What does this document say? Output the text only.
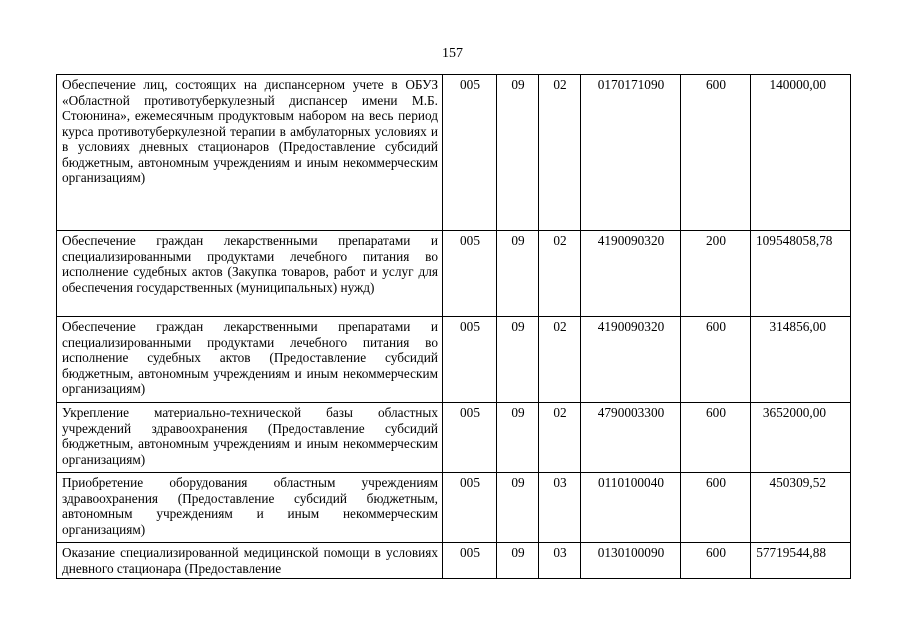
157
Обеспечение лиц, состоящих на диспансерном учете в ОБУЗ «Областной противотуберкулезный диспансер имени М.Б. Стоюнина», ежемесячным продуктовым набором на весь период курса противотуберкулезной терапии в амбулаторных условиях и в условиях дневных стационаров (Предоставление субсидий бюджетным, автономным учреждениям и иным некоммерческим организациям)	005	09	02	0170171090	600	140000,00
Обеспечение граждан лекарственными препаратами и специализированными продуктами лечебного питания во исполнение судебных актов (Закупка товаров, работ и услуг для обеспечения государственных (муниципальных) нужд)	005	09	02	4190090320	200	109548058,78
Обеспечение граждан лекарственными препаратами и специализированными продуктами лечебного питания во исполнение судебных актов (Предоставление субсидий бюджетным, автономным учреждениям и иным некоммерческим организациям)	005	09	02	4190090320	600	314856,00
Укрепление материально-технической базы областных учреждений здравоохранения (Предоставление субсидий бюджетным, автономным учреждениям и иным некоммерческим организациям)	005	09	02	4790003300	600	3652000,00
Приобретение оборудования областным учреждениям здравоохранения (Предоставление субсидий бюджетным, автономным учреждениям и иным некоммерческим организациям)	005	09	03	0110100040	600	450309,52
Оказание специализированной медицинской помощи в условиях дневного стационара (Предоставление	005	09	03	0130100090	600	57719544,88
